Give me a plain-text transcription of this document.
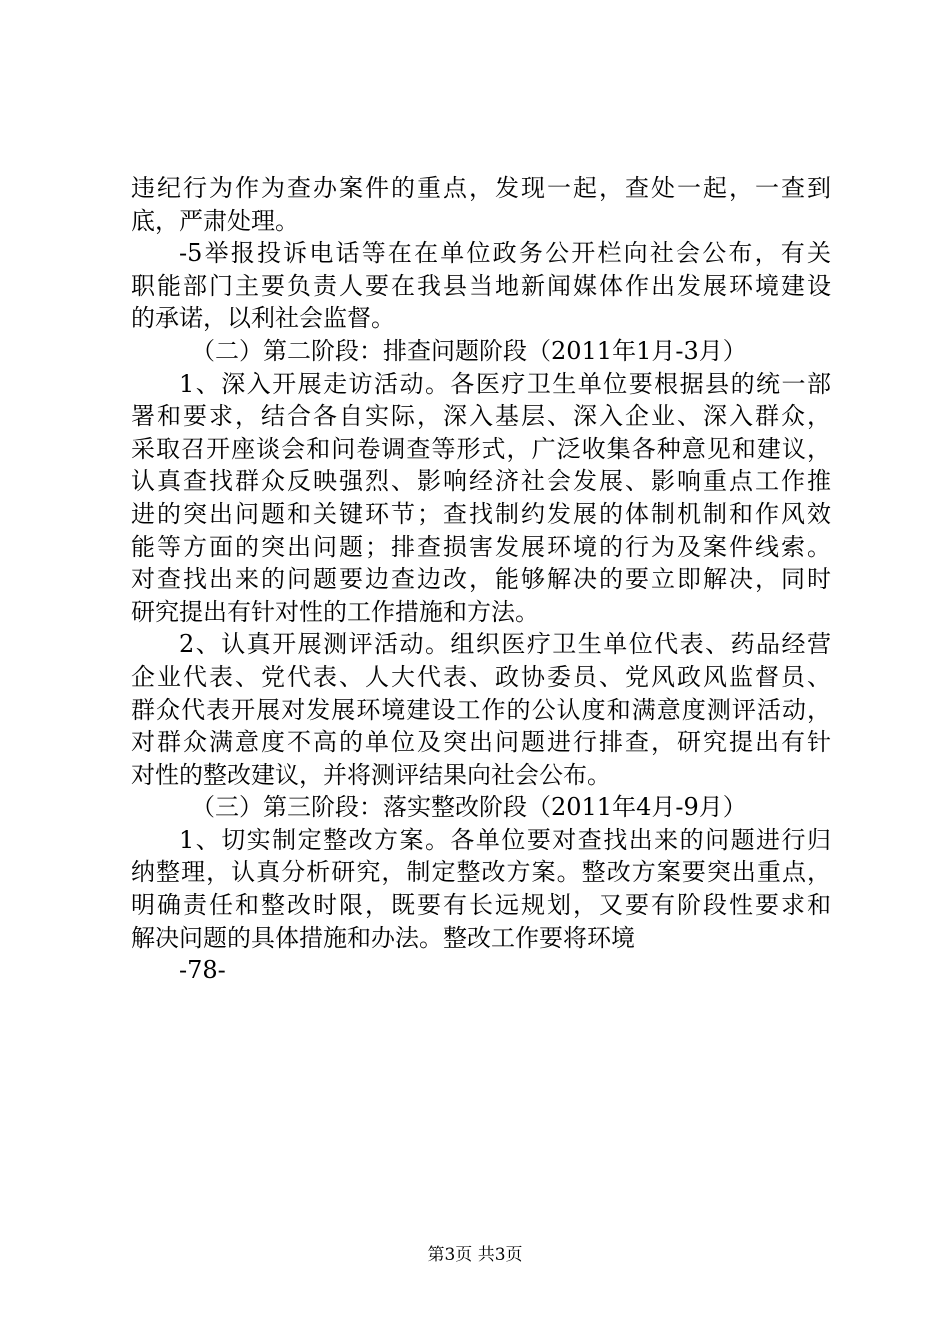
违纪行为作为查办案件的重点，发现一起，查处一起，一查到
底，严肃处理。
-5举报投诉电话等在在单位政务公开栏向社会公布，有关
职能部门主要负责人要在我县当地新闻媒体作出发展环境建设
的承诺，以利社会监督。
（二）第二阶段：排查问题阶段（2011年1月-3月）
1、深入开展走访活动。各医疗卫生单位要根据县的统一部
署和要求，结合各自实际，深入基层、深入企业、深入群众，
采取召开座谈会和问卷调查等形式，广泛收集各种意见和建议，
认真查找群众反映强烈、影响经济社会发展、影响重点工作推
进的突出问题和关键环节；查找制约发展的体制机制和作风效
能等方面的突出问题；排查损害发展环境的行为及案件线索。
对查找出来的问题要边查边改，能够解决的要立即解决，同时
研究提出有针对性的工作措施和方法。
2、认真开展测评活动。组织医疗卫生单位代表、药品经营
企业代表、党代表、人大代表、政协委员、党风政风监督员、
群众代表开展对发展环境建设工作的公认度和满意度测评活动，
对群众满意度不高的单位及突出问题进行排查，研究提出有针
对性的整改建议，并将测评结果向社会公布。
（三）第三阶段：落实整改阶段（2011年4月-9月）
1、切实制定整改方案。各单位要对查找出来的问题进行归
纳整理，认真分析研究，制定整改方案。整改方案要突出重点，
明确责任和整改时限，既要有长远规划，又要有阶段性要求和
解决问题的具体措施和办法。整改工作要将环境
-78-
第3页 共3页
